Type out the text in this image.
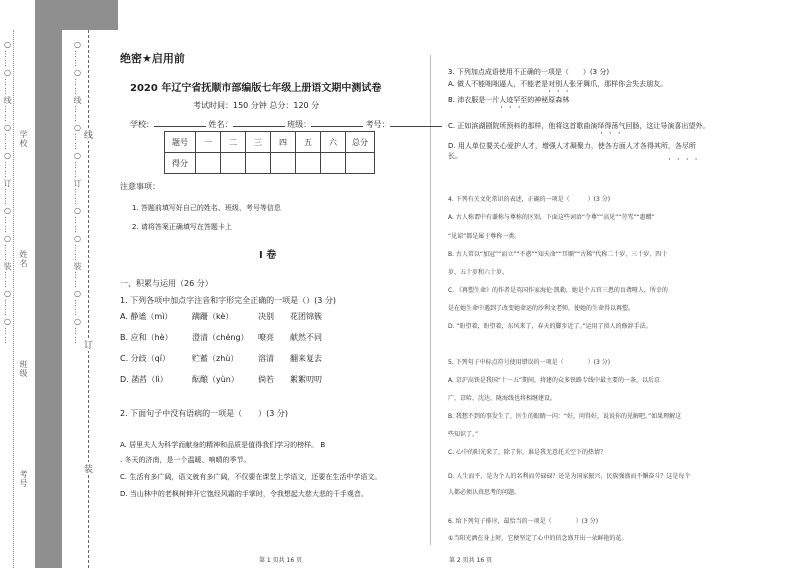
○……○……线……○……○……订……○……○……装……○……○……	○……○……线……○……○……订……○……○……装……○……○…… 线
订
装
学校
姓名
班级
考号
绝密★启用前
2020 年辽宁省抚顺市部编版七年级上册语文期中测试卷
考试时间：150 分钟 总分：120 分
学校：	姓名：	班级：	考号：
题号	一	二	三	四	五	六	总分
得分							
注意事项：
1. 答题前填写好自己的姓名、班级、考号等信息
2. 请将答案正确填写在答题卡上
I 卷
一、积累与运用（26 分）
1. 下列各项中加点字注音和字形完全正确的一项是（）(3 分)
A. 静谧（mì） 蹒跚（kè）	决别 花团锦簇
B. 应和（hè） 澄清（chéng） 嘹亮 献然不同
C. 分歧（qí）	贮蓄（zhù） 溶清 翻来复去
D. 菡萏（lì）	酝酿（yùn） 倘若 絮絮叨叨
2. 下面句子中没有语病的一项是（　　）(3 分)
A. 居里夫人为科学而献身的精神和品质是值得我们学习的榜样。 B
. 冬天的济南，是一个温暖、响晴的季节。
C. 生活有多广阔，语文就有多广阔，不仅要在课堂上学语文，还要在生活中学语文。
D. 当山林中的老枫树伸开它饱经风霜的手掌时，令我想起大慈大悲的千手观音。
第 1 页共 16 页
3. 下列加点成语使用不正确的一项是（　　）(3 分)
A. 做人不能咄咄逼人，不能老是对别人张牙舞爪，那样你会失去朋友。
···
B. 沛衣服是一片人迹罕至的神秘原森林
···
C. 正如滨湖剧院所预料的那样，他将这首歌曲演绎得荡气回肠，这让导演喜出望外。
···
D. 用人单位要关心爱护人才，增强人才凝聚力，使各方面人才各得其所，各尽所
长。	····
4. 下列有关文化常识的表述，正确的一项是（　　　）(3 分)
A. 古人称谓中有谦称与尊称的区别，下面这些词语“令尊”“高见”“劳驾”“惠赠”
“见谅”都是属于尊称一类。
B. 古人常以“加冠”“而立”“不惑”“知天命”“耳顺”“古稀”代称二十岁、三十岁、四十
岁、五十岁和六十岁。
C. 《再塑生命》的作者是英国作家海伦·凯勒，她是个五官三患的盲聋哑人，所幸的
是在她生命中遇到了改变她命运的沙利文老师，使她的生命得以再塑。
D. “盼望着，盼望着，东风来了，春天的脚步近了。”运用了拟人的修辞手法。
5. 下列句子中标点符号使用错误的一项是（　　　　）(3 分)
A. 京沪高铁是我国“十一五”期间，将建的众多铁路专线中最主要的一条，以后京
广、京哈、沈达、陇海线也将相继建设。
B. 我想不到的事发生了，医生的眼睛一闪：“好，问得好，说说你的见解吧。”如果理解这
些知识了。”
C. 心中的阳光来了，除了你，谁是我无意托关空下的热情？
D. 人生而平，是为个人的名利而劳碌碌？还是为国家振兴、民族强盛而不懈奋斗？这是每个
人都必须认真思考的问题。
6. 给下列句子排序，最恰当的一项是（　　　　）(3 分)
①当阳光洒在身上时，它便坚定了心中的信念盛开出一朵鲜艳的花。
第 2 页共 16 页
